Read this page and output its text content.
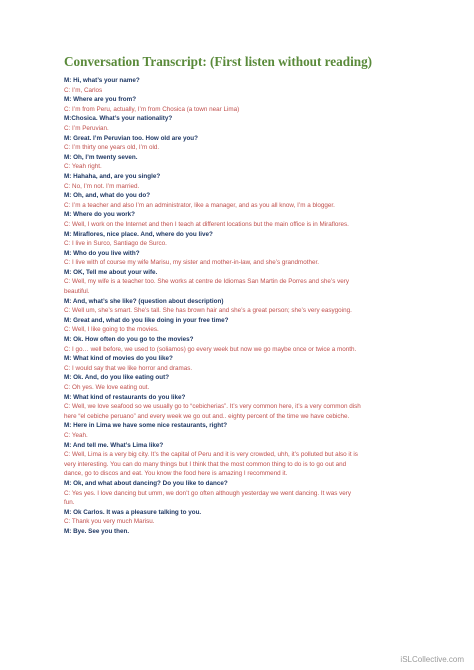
Conversation Transcript: (First listen without reading)

M: Hi, what’s your name?

C: I’m, Carlos

M: Where are you from?

C: I’m from Peru, actually, I’m from Chosica (a town near Lima)

M:Chosica. What’s your nationality?

C: I’m Peruvian.

M: Great. I’m Peruvian too. How old are you?

C: I’m thirty one years old, I’m old.

M: Oh, I’m twenty seven.

C: Yeah right.

M: Hahaha, and, are you single?

C: No, I’m not. I’m married.

M: Oh, and, what do you do?

C: I’m a teacher and also I’m an administrator, like a manager, and as you all know, I’m a blogger.

M: Where do you work?

C: Well, I work on the Internet and then I teach at different locations but the main office is in Miraflores.

M: Miraflores, nice place. And, where do you live?

C: I live in Surco, Santiago de Surco.

M: Who do you live with?

C: I live with of course my wife Marisu, my sister and mother-in-law, and she’s grandmother.

M: OK, Tell me about your wife.

C: Well, my wife is a teacher too. She works at centre de Idiomas San Martin de Porres and she’s very

beautiful.

M: And, what’s she like? (question about description)

C: Well um, she’s smart. She’s tall. She has brown hair and she’s a great person; she’s very easygoing.

M: Great and, what do you like doing in your free time?

C: Well, I like going to the movies.

M: Ok. How often do you go to the movies?

C: I go… well before, we used to (soliamos) go every week but now we go maybe once or twice a month.

M: What kind of movies do you like?

C: I would say that we like horror and dramas.

M: Ok. And, do you like eating out?

C: Oh yes. We love eating out.

M: What kind of restaurants do you like?

C: Well, we love seafood so we usually go to “cebicherias”. It’s very common here, it’s a very common dish

here “el cebiche peruano” and every week we go out and.. eighty percent of the time we have cebiche.

M: Here in Lima we have some nice restaurants, right?

C: Yeah.

M: And tell me. What’s Lima like?

C: Well, Lima is a very big city. It’s the capital of Peru and it is very crowded, uhh, it’s polluted but also it is

very interesting. You can do many things but I think that the most common thing to do is to go out and

dance, go to discos and eat. You know the food here is amazing I recommend it.

M: Ok, and what about dancing? Do you like to dance?

C: Yes yes. I love dancing but umm, we don’t go often although yesterday we went dancing. It was very

fun.

M: Ok Carlos. It was a pleasure talking to you.

C: Thank you very much Marisu.

M: Bye. See you then.

iSLCollective.com
